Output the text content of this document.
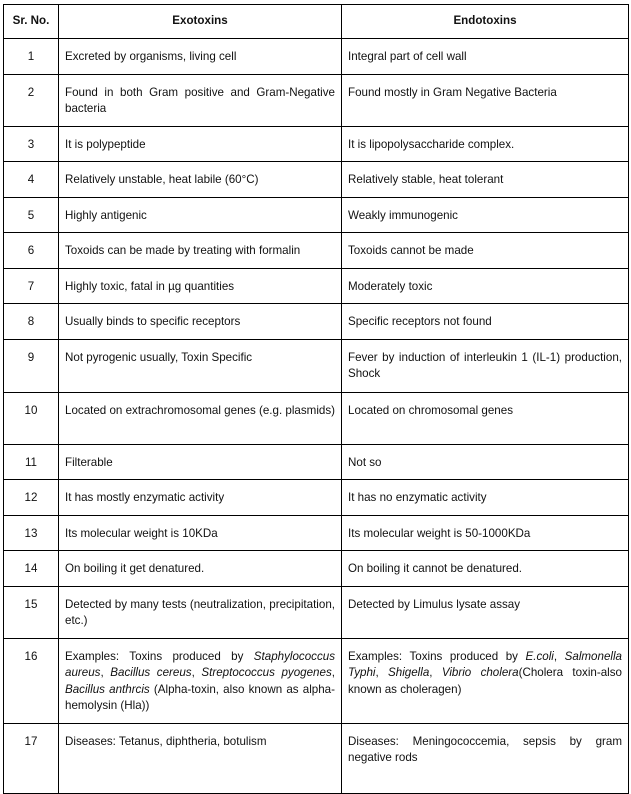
Sr. No.	Exotoxins	Endotoxins
1	Excreted by organisms, living cell	Integral part of cell wall
2	Found in both Gram positive and Gram-Negative bacteria	Found mostly in Gram Negative Bacteria
3	It is polypeptide	It is lipopolysaccharide complex.
4	Relatively unstable, heat labile (60°C)	Relatively stable, heat tolerant
5	Highly antigenic	Weakly immunogenic
6	Toxoids can be made by treating with formalin	Toxoids cannot be made
7	Highly toxic, fatal in µg quantities	Moderately toxic
8	Usually binds to specific receptors	Specific receptors not found
9	Not pyrogenic usually, Toxin Specific	Fever by induction of interleukin 1 (IL-1) production, Shock
10	Located on extrachromosomal genes (e.g. plasmids)	Located on chromosomal genes
11	Filterable	Not so
12	It has mostly enzymatic activity	It has no enzymatic activity
13	Its molecular weight is 10KDa	Its molecular weight is 50-1000KDa
14	On boiling it get denatured.	On boiling it cannot be denatured.
15	Detected by many tests (neutralization, precipitation, etc.)	Detected by Limulus lysate assay
16	Examples: Toxins produced by Staphylococcus aureus, Bacillus cereus, Streptococcus pyogenes, Bacillus anthrcis (Alpha-toxin, also known as alpha-hemolysin (Hla))	Examples: Toxins produced by E.coli, Salmonella Typhi, Shigella, Vibrio cholera(Cholera toxin-also known as choleragen)
17	Diseases: Tetanus, diphtheria, botulism	Diseases: Meningococcemia, sepsis by gram negative rods
